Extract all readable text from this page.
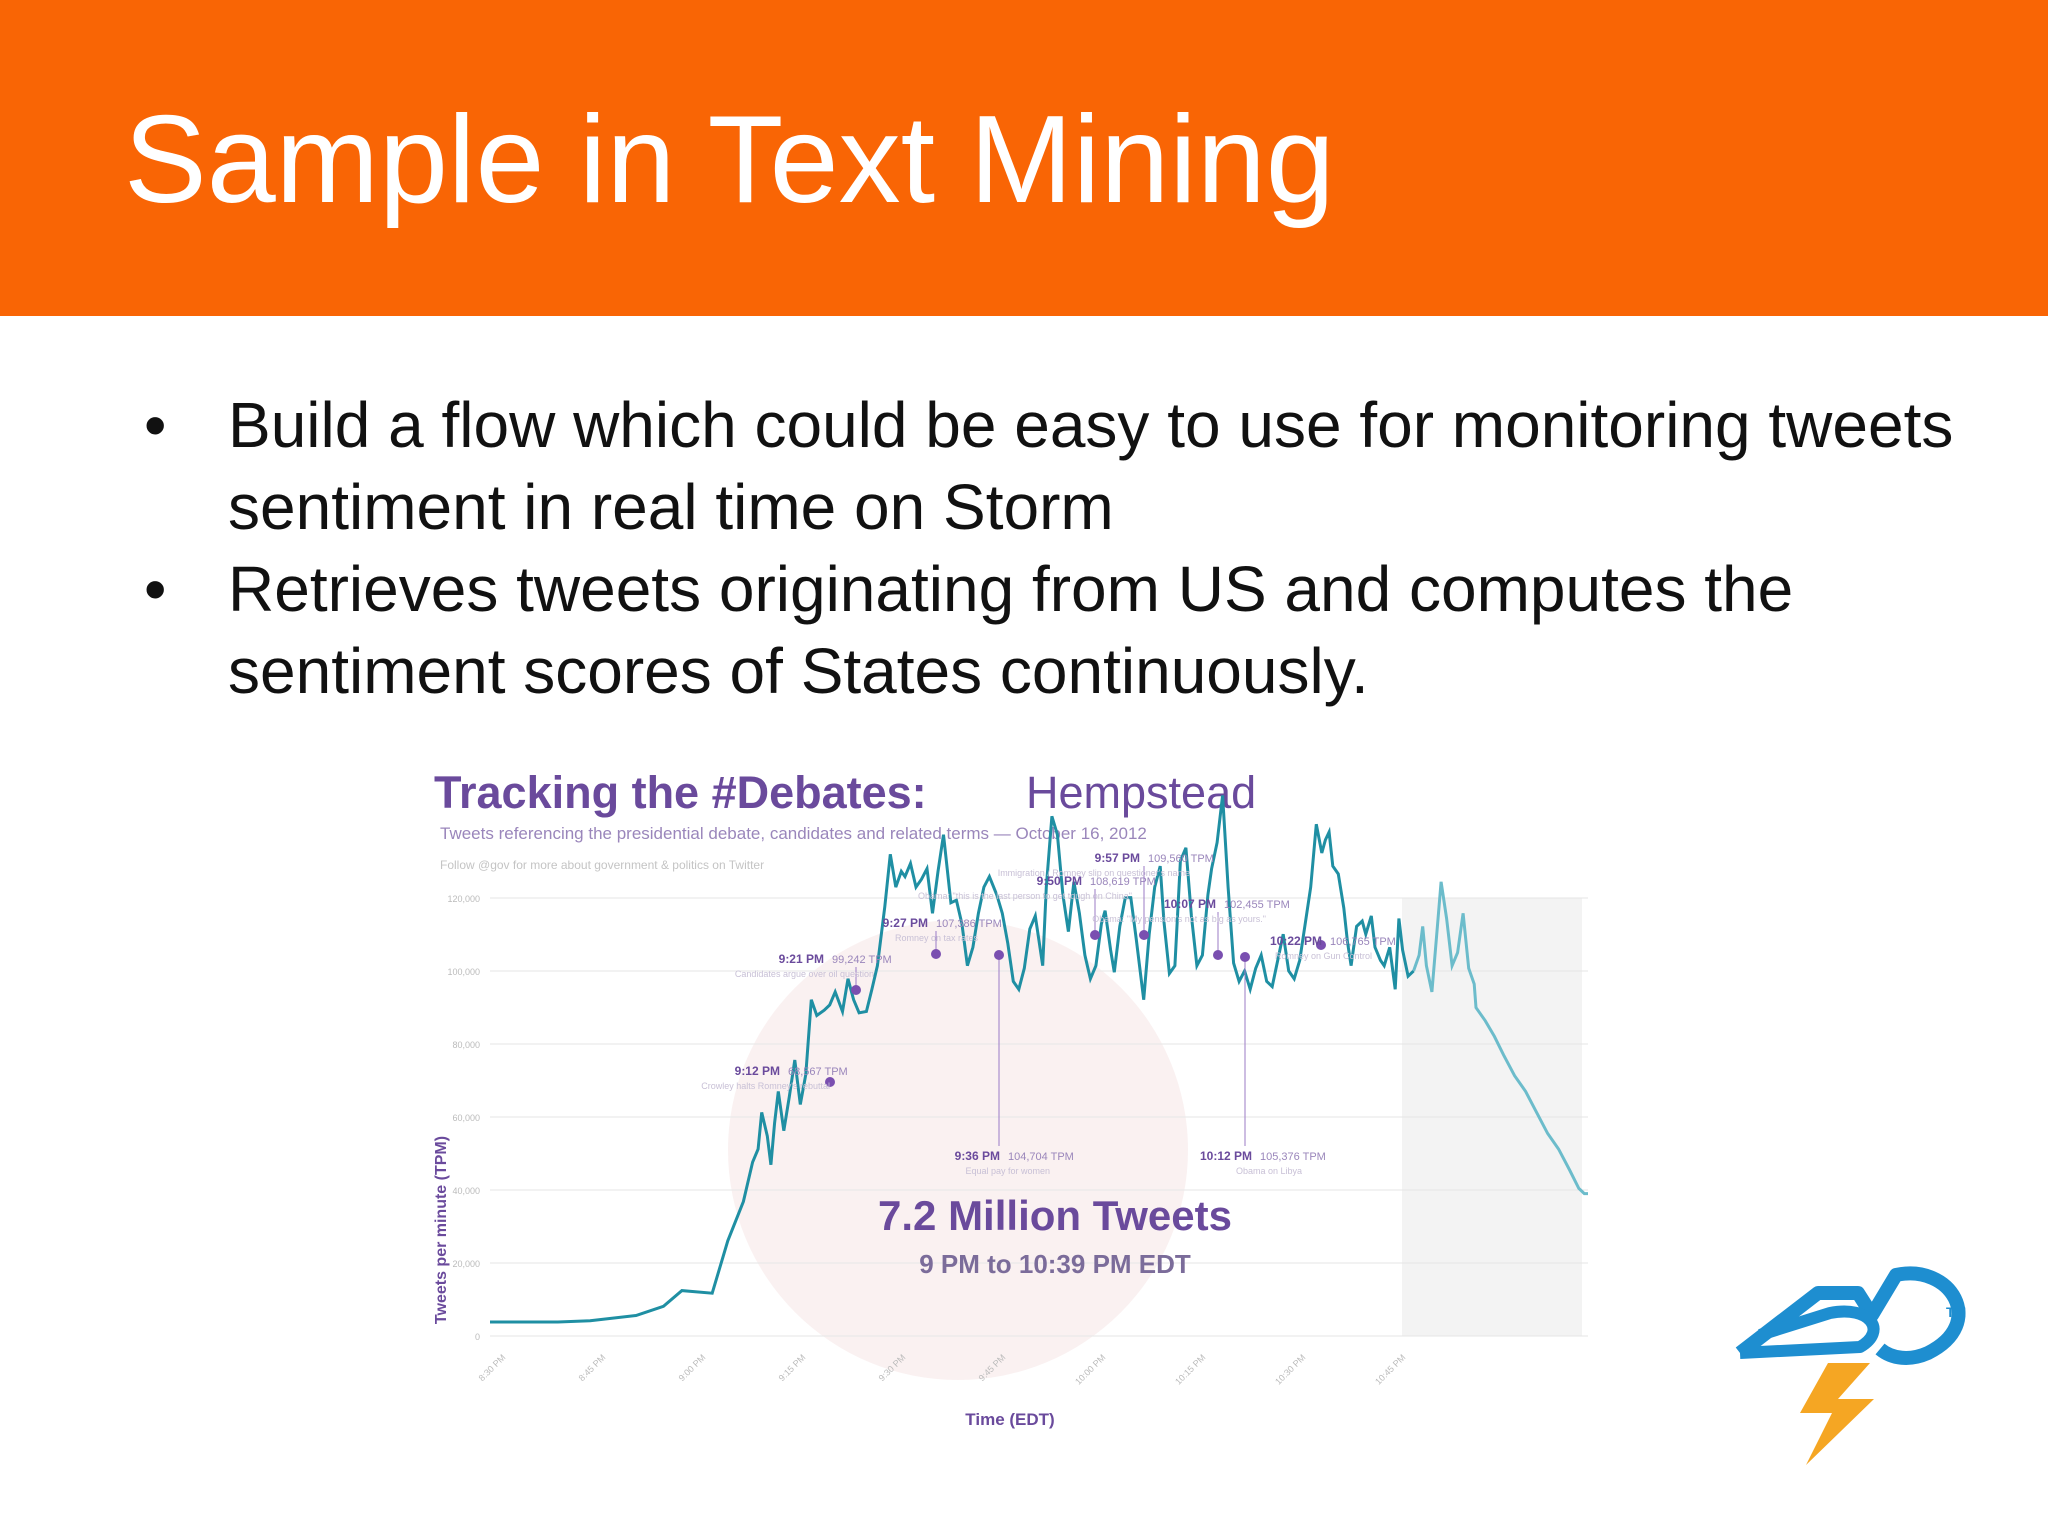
Sample in Text Mining
• Build a flow which could be easy to use for monitoring tweets sentiment in real time on Storm
• Retrieves tweets originating from US and computes the sentiment scores of States continuously.
Tracking the #Debates: Hempstead
Tweets referencing the presidential debate, candidates and related terms — October 16, 2012
Follow @gov for more about government & politics on Twitter
0
20,000
40,000
60,000
80,000
100,000
120,000
8:30 PM	8:45 PM	9:00 PM	9:15 PM	9:30 PM	9:45 PM	10:00 PM	10:15 PM	10:30 PM	10:45 PM
Tweets per minute (TPM)
Time (EDT)
9:12 PM 68,567 TPM
Crowley halts Romney's rebuttal
9:21 PM 99,242 TPM
Candidates argue over oil question
9:27 PM 107,386 TPM
Romney on tax rates
9:36 PM 104,704 TPM
Equal pay for women
9:50 PM 108,619 TPM
Obama: "this is the last person to get tough on China"
9:57 PM 109,560 TPM
Immigration / Romney slip on questioner's name
10:07 PM 102,455 TPM
Obama: "My pension's not as big as yours."
10:12 PM 105,376 TPM
Obama on Libya
10:22 PM 106,765 TPM
Romney on Gun Control
7.2 Million Tweets
9 PM to 10:39 PM EDT
TM
